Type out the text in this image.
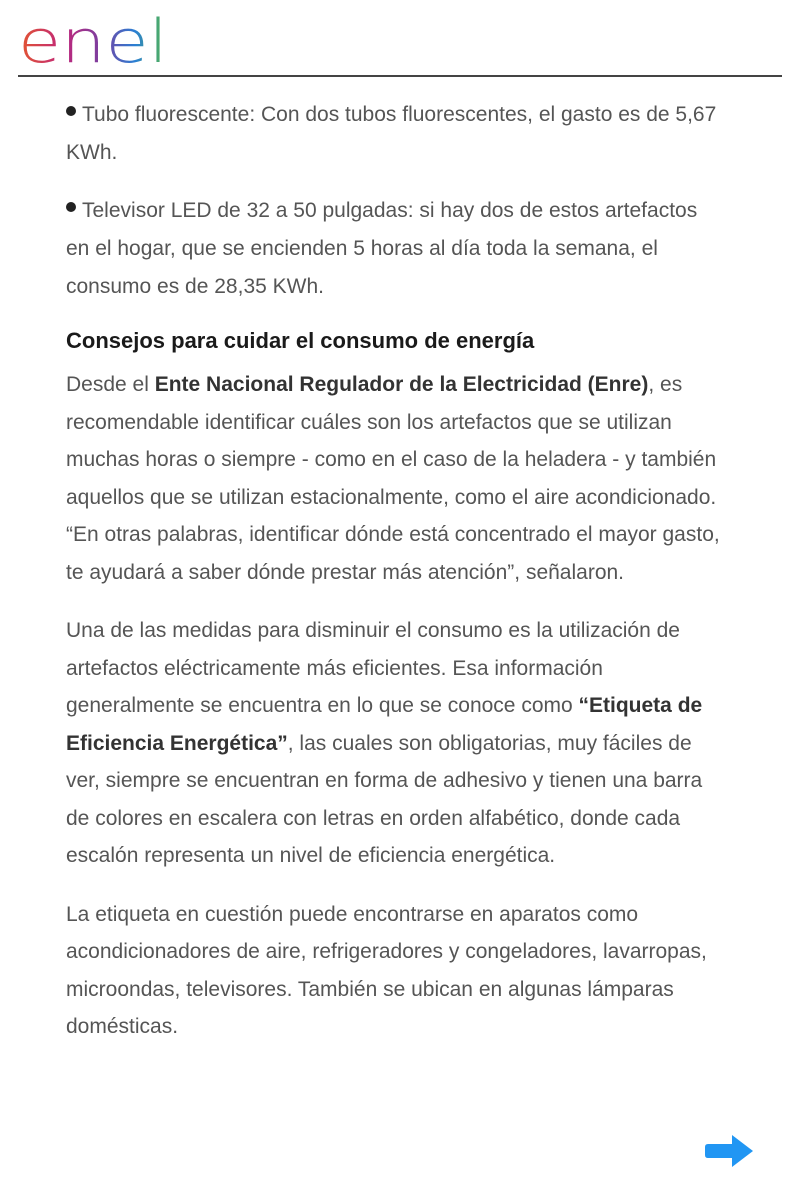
enel
Tubo fluorescente: Con dos tubos fluorescentes, el gasto es de 5,67 KWh.
Televisor LED de 32 a 50 pulgadas: si hay dos de estos artefactos en el hogar, que se encienden 5 horas al día toda la semana, el consumo es de 28,35 KWh.
Consejos para cuidar el consumo de energía

Desde el Ente Nacional Regulador de la Electricidad (Enre), es recomendable identificar cuáles son los artefactos que se utilizan muchas horas o siempre - como en el caso de la heladera - y también aquellos que se utilizan estacionalmente, como el aire acondicionado. “En otras palabras, identificar dónde está concentrado el mayor gasto, te ayudará a saber dónde prestar más atención”, señalaron.

Una de las medidas para disminuir el consumo es la utilización de artefactos eléctricamente más eficientes. Esa información generalmente se encuentra en lo que se conoce como “Etiqueta de Eficiencia Energética”, las cuales son obligatorias, muy fáciles de ver, siempre se encuentran en forma de adhesivo y tienen una barra de colores en escalera con letras en orden alfabético, donde cada escalón representa un nivel de eficiencia energética.

La etiqueta en cuestión puede encontrarse en aparatos como acondicionadores de aire, refrigeradores y congeladores, lavarropas, microondas, televisores. También se ubican en algunas lámparas domésticas.
